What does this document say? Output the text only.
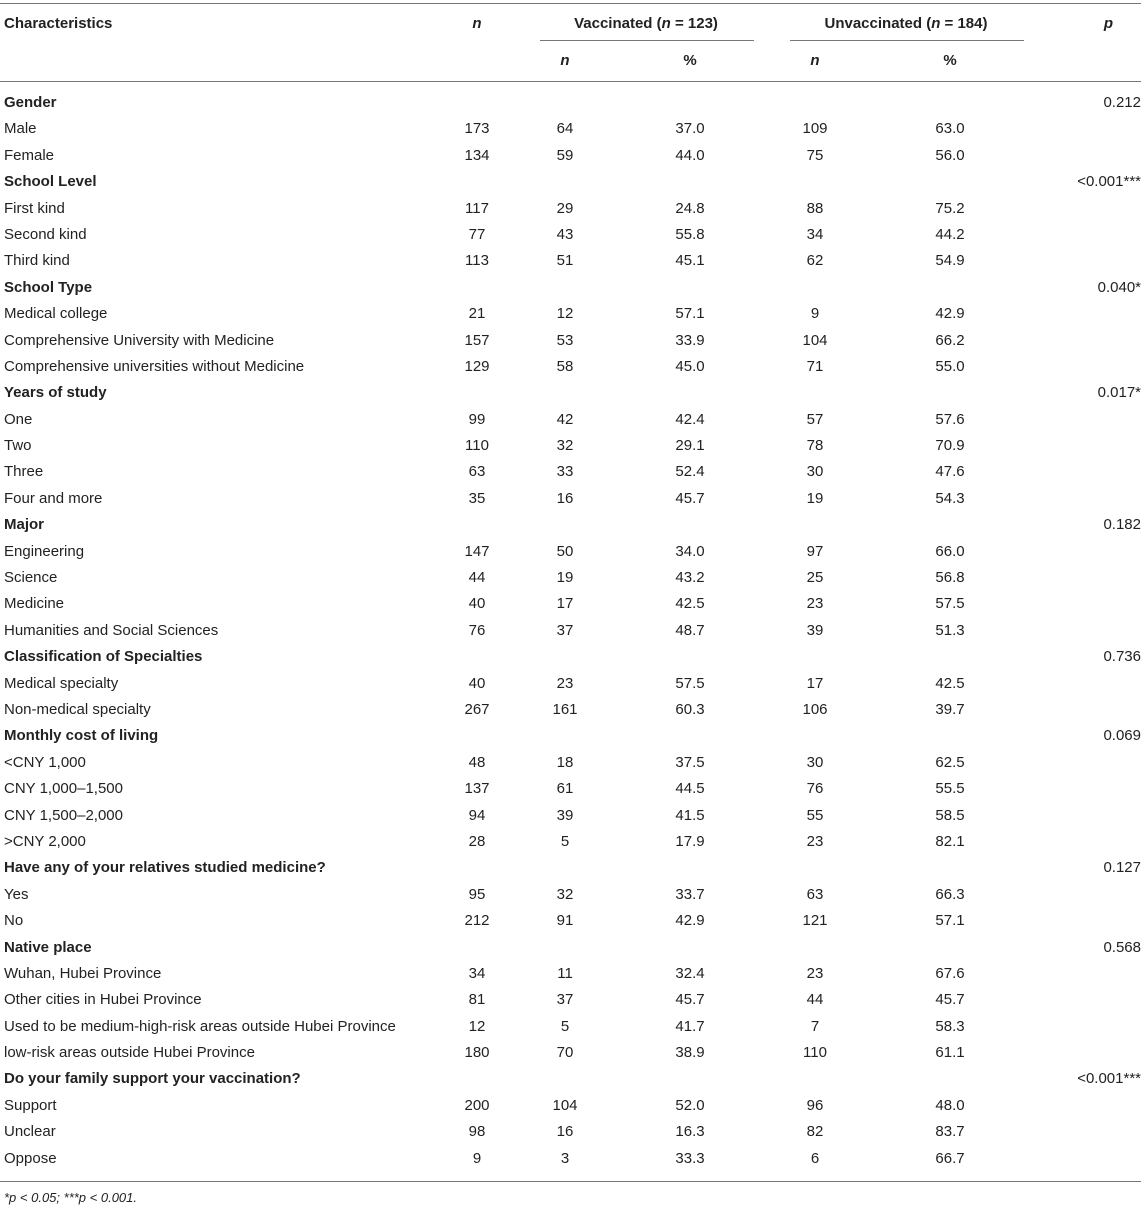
Characteristics	n	Vaccinated (n = 123)	Unvaccinated (n = 184)	p
n	%	n	%
Gender	0.212
Male	173	64	37.0	109	63.0
Female	134	59	44.0	75	56.0
School Level	<0.001***
First kind	117	29	24.8	88	75.2
Second kind	77	43	55.8	34	44.2
Third kind	113	51	45.1	62	54.9
School Type	0.040*
Medical college	21	12	57.1	9	42.9
Comprehensive University with Medicine	157	53	33.9	104	66.2
Comprehensive universities without Medicine	129	58	45.0	71	55.0
Years of study	0.017*
One	99	42	42.4	57	57.6
Two	110	32	29.1	78	70.9
Three	63	33	52.4	30	47.6
Four and more	35	16	45.7	19	54.3
Major	0.182
Engineering	147	50	34.0	97	66.0
Science	44	19	43.2	25	56.8
Medicine	40	17	42.5	23	57.5
Humanities and Social Sciences	76	37	48.7	39	51.3
Classification of Specialties	0.736
Medical specialty	40	23	57.5	17	42.5
Non-medical specialty	267	161	60.3	106	39.7
Monthly cost of living	0.069
<CNY 1,000	48	18	37.5	30	62.5
CNY 1,000–1,500	137	61	44.5	76	55.5
CNY 1,500–2,000	94	39	41.5	55	58.5
>CNY 2,000	28	5	17.9	23	82.1
Have any of your relatives studied medicine?	0.127
Yes	95	32	33.7	63	66.3
No	212	91	42.9	121	57.1
Native place	0.568
Wuhan, Hubei Province	34	11	32.4	23	67.6
Other cities in Hubei Province	81	37	45.7	44	45.7
Used to be medium-high-risk areas outside Hubei Province	12	5	41.7	7	58.3
low-risk areas outside Hubei Province	180	70	38.9	110	61.1
Do your family support your vaccination?	<0.001***
Support	200	104	52.0	96	48.0
Unclear	98	16	16.3	82	83.7
Oppose	9	3	33.3	6	66.7
*p < 0.05; ***p < 0.001.
